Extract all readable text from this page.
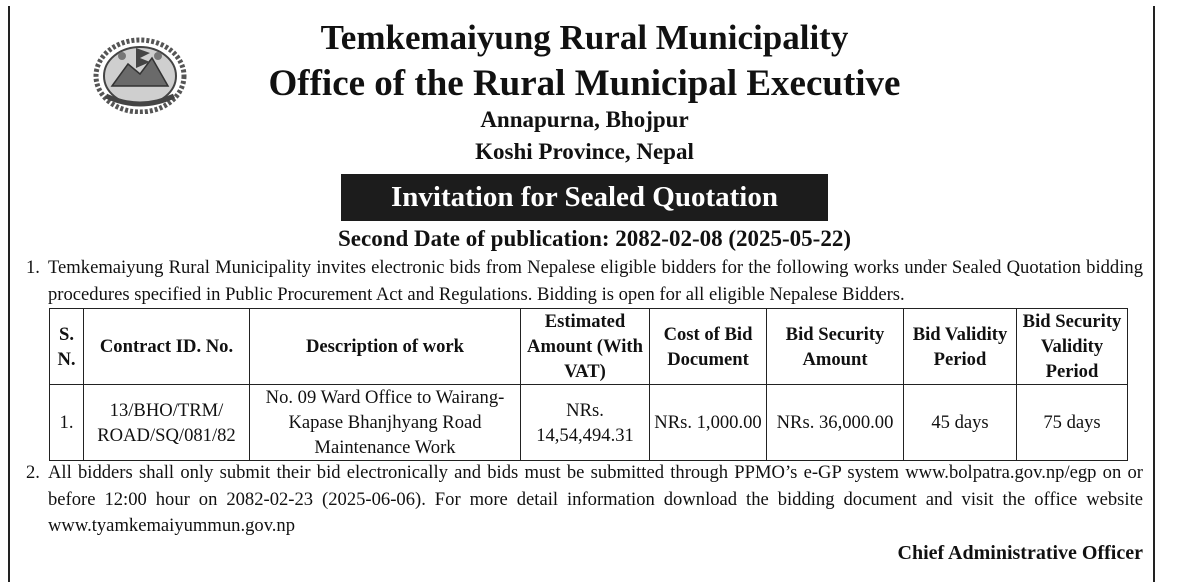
Temkemaiyung Rural Municipality
Office of the Rural Municipal Executive
Annapurna, Bhojpur
Koshi Province, Nepal
Invitation for Sealed Quotation
Second Date of publication: 2082-02-08 (2025-05-22)
1. Temkemaiyung Rural Municipality invites electronic bids from Nepalese eligible bidders for the following works under Sealed Quotation bidding procedures specified in Public Procurement Act and Regulations. Bidding is open for all eligible Nepalese Bidders.
S. N.	Contract ID. No.	Description of work	Estimated Amount (With VAT)	Cost of Bid Document	Bid Security Amount	Bid Validity Period	Bid Security Validity Period
1.	13/BHO/TRM/ ROAD/SQ/081/82	No. 09 Ward Office to Wairang-Kapase Bhanjhyang Road Maintenance Work	NRs. 14,54,494.31	NRs. 1,000.00	NRs. 36,000.00	45 days	75 days
2. All bidders shall only submit their bid electronically and bids must be submitted through PPMO’s e-GP system www.bolpatra.gov.np/egp on or before 12:00 hour on 2082-02-23 (2025-06-06). For more detail information download the bidding document and visit the office website www.tyamkemaiyummun.gov.np
Chief Administrative Officer
